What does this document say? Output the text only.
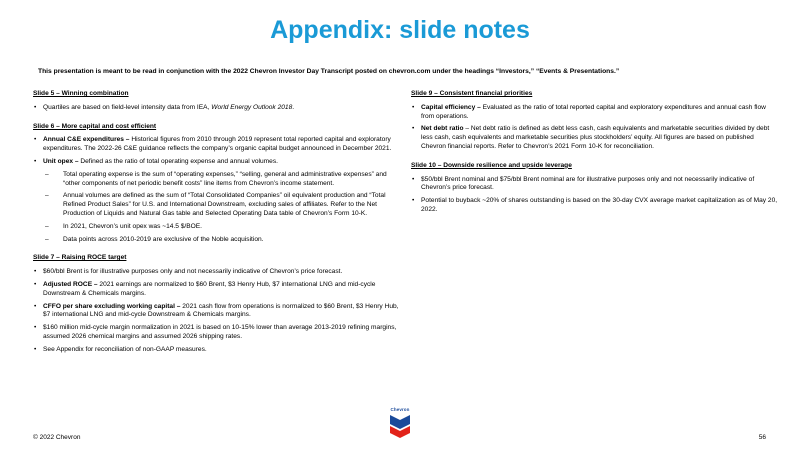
Appendix: slide notes

This presentation is meant to be read in conjunction with the 2022 Chevron Investor Day Transcript posted on chevron.com under the headings “Investors,” “Events & Presentations.”

Slide 5 – Winning combination
• Quartiles are based on field-level intensity data from IEA, World Energy Outlook 2018.
Slide 6 – More capital and cost efficient
• Annual C&E expenditures – Historical figures from 2010 through 2019 represent total reported capital and exploratory expenditures. The 2022-26 C&E guidance reflects the company’s organic capital budget announced in December 2021.
• Unit opex – Defined as the ratio of total operating expense and annual volumes.
– Total operating expense is the sum of “operating expenses,” “selling, general and administrative expenses” and “other components of net periodic benefit costs” line items from Chevron’s income statement.
– Annual volumes are defined as the sum of “Total Consolidated Companies” oil equivalent production and “Total Refined Product Sales” for U.S. and International Downstream, excluding sales of affiliates. Refer to the Net Production of Liquids and Natural Gas table and Selected Operating Data table of Chevron’s Form 10-K.
– In 2021, Chevron’s unit opex was ~14.5 $/BOE.
– Data points across 2010-2019 are exclusive of the Noble acquisition.
Slide 7 – Raising ROCE target
• $60/bbl Brent is for illustrative purposes only and not necessarily indicative of Chevron’s price forecast.
• Adjusted ROCE – 2021 earnings are normalized to $60 Brent, $3 Henry Hub, $7 international LNG and mid-cycle Downstream & Chemicals margins.
• CFFO per share excluding working capital – 2021 cash flow from operations is normalized to $60 Brent, $3 Henry Hub, $7 international LNG and mid-cycle Downstream & Chemicals margins.
• $160 million mid-cycle margin normalization in 2021 is based on 10-15% lower than average 2013-2019 refining margins, assumed 2026 chemical margins and assumed 2026 shipping rates.
• See Appendix for reconciliation of non-GAAP measures.
Slide 9 – Consistent financial priorities
• Capital efficiency – Evaluated as the ratio of total reported capital and exploratory expenditures and annual cash flow from operations.
• Net debt ratio – Net debt ratio is defined as debt less cash, cash equivalents and marketable securities divided by debt less cash, cash equivalents and marketable securities plus stockholders’ equity. All figures are based on published Chevron financial reports. Refer to Chevron’s 2021 Form 10-K for reconciliation.
Slide 10 – Downside resilience and upside leverage
• $50/bbl Brent nominal and $75/bbl Brent nominal are for illustrative purposes only and not necessarily indicative of Chevron’s price forecast.
• Potential to buyback ~20% of shares outstanding is based on the 30-day CVX average market capitalization as of May 20, 2022.
Chevron
© 2022 Chevron	56
